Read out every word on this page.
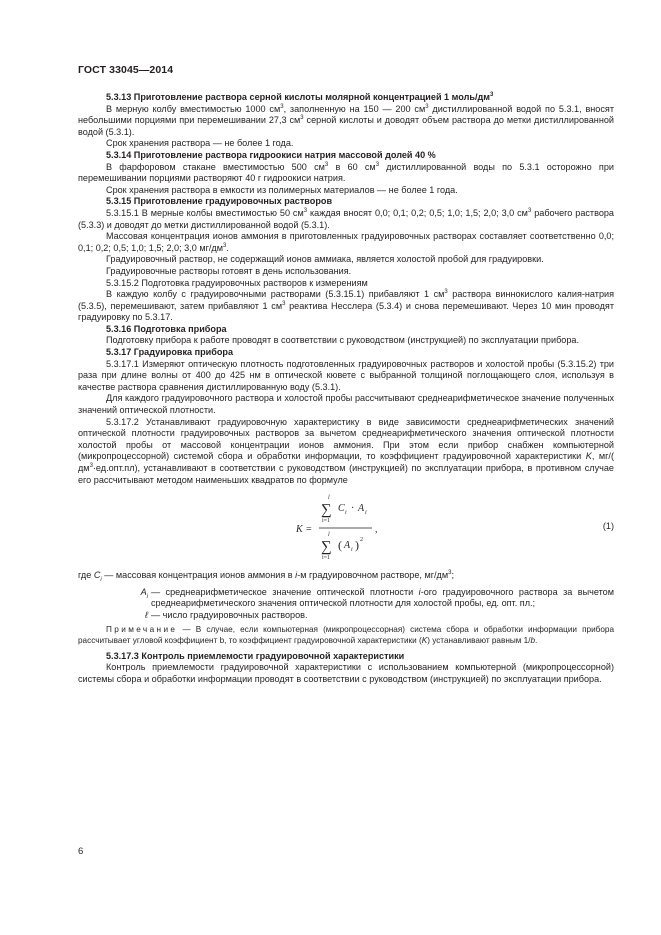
ГОСТ 33045—2014

5.3.13 Приготовление раствора серной кислоты молярной концентрацией 1 моль/$дм^3$

В мерную колбу вместимостью 1000 $см^3$, заполненную на 150 — 200 $см^3$ дистиллированной водой по 5.3.1, вносят небольшими порциями при перемешивании 27,3 $см^3$ серной кислоты и доводят объем раствора до метки дистиллированной водой (5.3.1).

Срок хранения раствора — не более 1 года.

5.3.14 Приготовление раствора гидроокиси натрия массовой долей 40 %

В фарфоровом стакане вместимостью 500 $см^3$ в 60 $см^3$ дистиллированной воды по 5.3.1 осторожно при перемешивании порциями растворяют 40 г гидроокиси натрия.

Срок хранения раствора в емкости из полимерных материалов — не более 1 года.

5.3.15 Приготовление градуировочных растворов

5.3.15.1 В мерные колбы вместимостью 50 $см^3$ каждая вносят 0,0; 0,1; 0,2; 0,5; 1,0; 1,5; 2,0; 3,0 $см^3$ рабочего раствора (5.3.3) и доводят до метки дистиллированной водой (5.3.1).

Массовая концентрация ионов аммония в приготовленных градуировочных растворах составляет соответственно 0,0; 0,1; 0,2; 0,5; 1,0; 1,5; 2,0; 3,0 $мг/дм^3$.

Градуировочный раствор, не содержащий ионов аммиака, является холостой пробой для градуировки.

Градуировочные растворы готовят в день использования.

5.3.15.2 Подготовка градуировочных растворов к измерениям

В каждую колбу с градуировочными растворами (5.3.15.1) прибавляют 1 $см^3$ раствора виннокислого калия-натрия (5.3.5), перемешивают, затем прибавляют 1 $см^3$ реактива Несслера (5.3.4) и снова перемешивают. Через 10 мин проводят градуировку по 5.3.17.

5.3.16 Подготовка прибора

Подготовку прибора к работе проводят в соответствии с руководством (инструкцией) по эксплуатации прибора.

5.3.17 Градуировка прибора

5.3.17.1 Измеряют оптическую плотность подготовленных градуировочных растворов и холостой пробы (5.3.15.2) три раза при длине волны от 400 до 425 нм в оптической кювете с выбранной толщиной поглощающего слоя, используя в качестве раствора сравнения дистиллированную воду (5.3.1).

Для каждого градуировочного раствора и холостой пробы рассчитывают среднеарифметическое значение полученных значений оптической плотности.

5.3.17.2 Устанавливают градуировочную характеристику в виде зависимости среднеарифметических значений оптической плотности градуировочных растворов за вычетом среднеарифметического значения оптической плотности холостой пробы от массовой концентрации ионов аммония. При этом если прибор снабжен компьютерной (микропроцессорной) системой сбора и обработки информации, то коэффициент градуировочной характеристики K, мг/( $дм^3\cdot ед.опт.пл$), устанавливают в соответствии с руководством (инструкцией) по эксплуатации прибора, в противном случае его рассчитывают методом наименьших квадратов по формуле

K =
l
∑
i=1
C i · A i
l
∑
i=1
( A i ) 2
,	(1)

где $C_i$ — массовая концентрация ионов аммония в i-м градуировочном растворе, $мг/дм^3$;

$A_i$ — среднеарифметическое значение оптической плотности i-ого градуировочного раствора за вычетом среднеарифметического значения оптической плотности для холостой пробы, ед. опт. пл.;

ℓ — число градуировочных растворов.

Примечание — В случае, если компьютерная (микропроцессорная) система сбора и обработки информации прибора рассчитывает угловой коэффициент b, то коэффициент градуировочной характеристики (K) устанавливают равным 1/b.

5.3.17.3 Контроль приемлемости градуировочной характеристики

Контроль приемлемости градуировочной характеристики с использованием компьютерной (микропроцессорной) системы сбора и обработки информации проводят в соответствии с руководством (инструкцией) по эксплуатации прибора.

6
